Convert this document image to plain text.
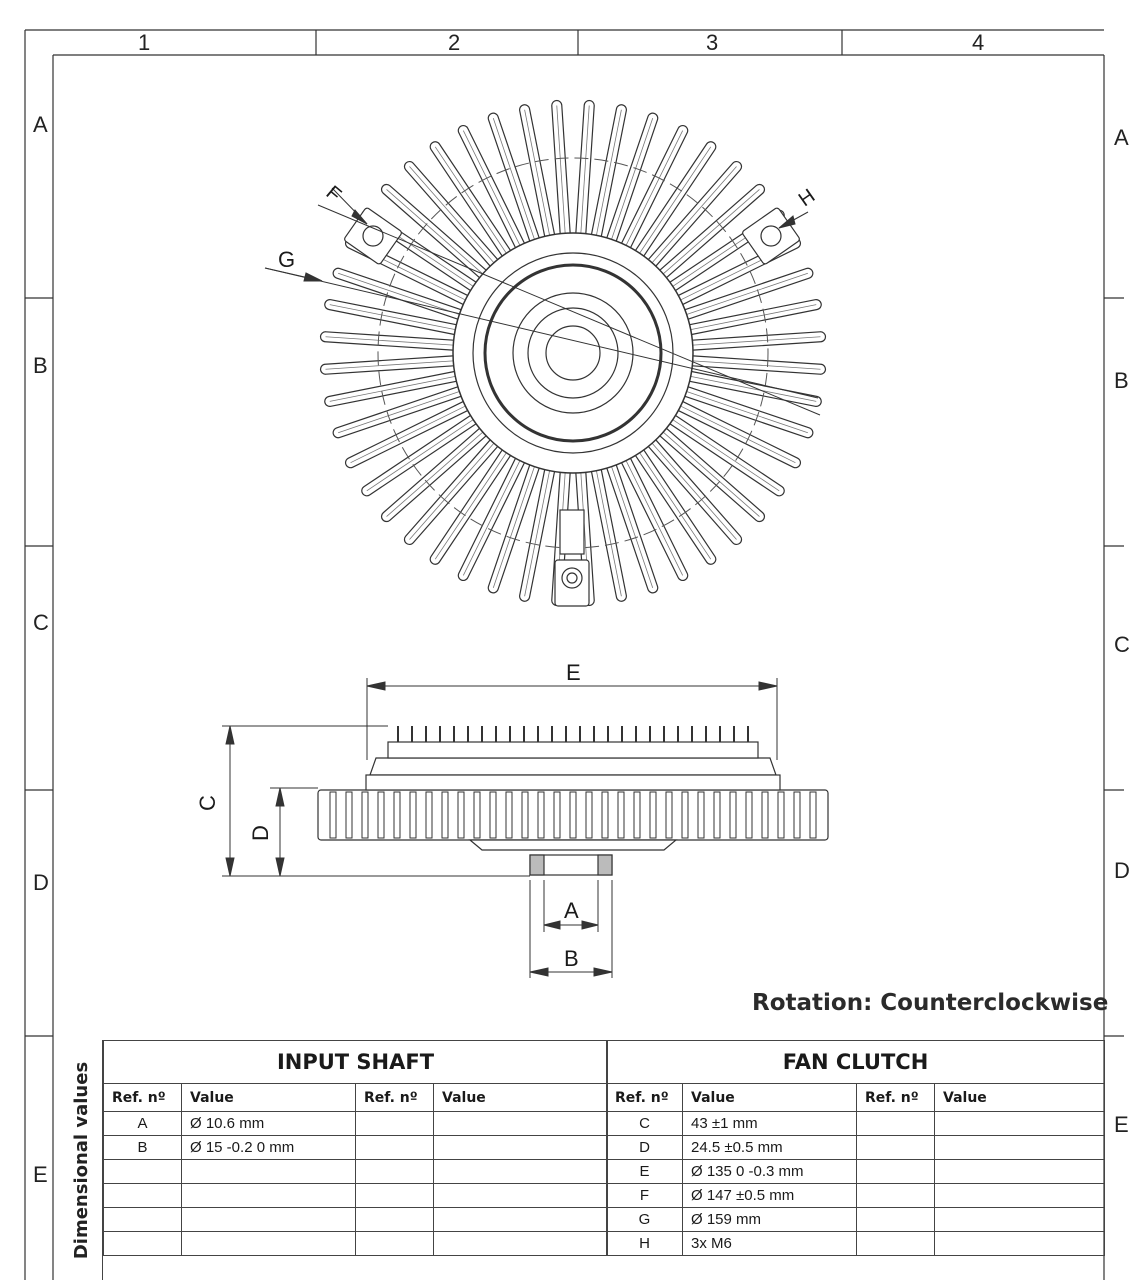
1	2	3	4
A
B
C
D
E
A
B
C
D
E
F
G
H
E
C
D
A
B
Rotation: Counterclockwise
Dimensional values	INPUT SHAFT			
Ref. nº	Value	Ref. nº	Value
A	Ø 10.6 mm		
B	Ø 15 -0.2 0 mm		

FAN CLUTCH			
Ref. nº	Value	Ref. nº	Value
C	43 ±1 mm		
D	24.5 ±0.5 mm		
E	Ø 135 0 -0.3 mm		
F	Ø 147 ±0.5 mm		
G	Ø 159 mm		
H	3x M6		
